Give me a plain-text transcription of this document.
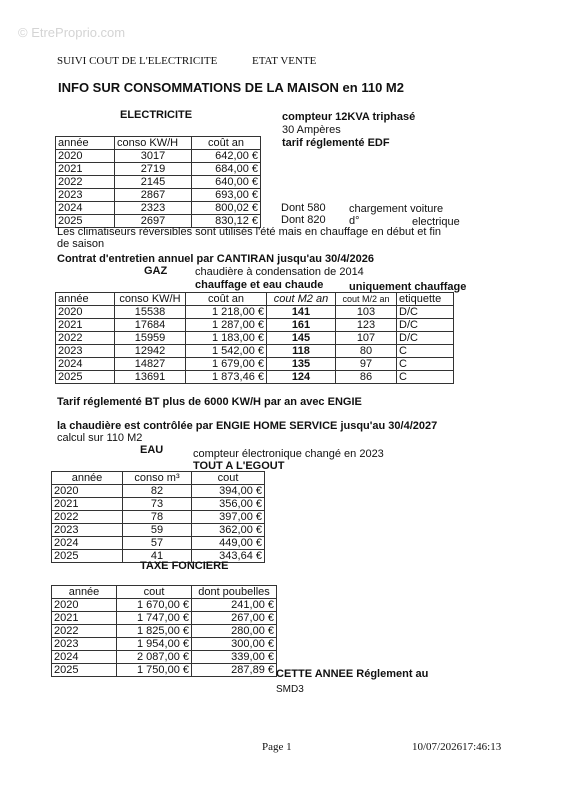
© EtreProprio.com
SUIVI COUT DE L'ELECTRICITE	ETAT VENTE
INFO SUR CONSOMMATIONS DE LA MAISON en 110 M2
ELECTRICITE	compteur 12KVA triphasé
30 Ampères
tarif réglementé EDF
année	conso KW/H	coût an
2020	3017	642,00 €
2021	2719	684,00 €
2022	2145	640,00 €
2023	2867	693,00 €
2024	2323	800,02 €
2025	2697	830,12 €
Dont 580
Dont 820
chargement voiture
d°	electrique
Les climatiseurs réversibles sont utilisés l'été mais en chauffage en début et fin
de saison
Contrat d'entretien annuel par CANTIRAN jusqu'au 30/4/2026
GAZ	chaudière à condensation de 2014
chauffage et eau chaude uniquement chauffage
année	conso KW/H	coût an	cout M2 an	cout M/2 an	etiquette
2020	15538	1 218,00 €	141	103	D/C
2021	17684	1 287,00 €	161	123	D/C
2022	15959	1 183,00 €	145	107	D/C
2023	12942	1 542,00 €	118	80	C
2024	14827	1 679,00 €	135	97	C
2025	13691	1 873,46 €	124	86	C
Tarif réglementé BT plus de 6000 KW/H par an avec ENGIE
la chaudière est contrôlée par ENGIE HOME SERVICE jusqu'au 30/4/2027
calcul sur 110 M2
EAU	compteur électronique changé en 2023
TOUT A L'EGOUT
année	conso m³	cout
2020	82	394,00 €
2021	73	356,00 €
2022	78	397,00 €
2023	59	362,00 €
2024	57	449,00 €
2025	41	343,64 €
TAXE FONCIERE
année	cout	dont poubelles
2020	1 670,00 €	241,00 €
2021	1 747,00 €	267,00 €
2022	1 825,00 €	280,00 €
2023	1 954,00 €	300,00 €
2024	2 087,00 €	339,00 €
2025	1 750,00 €	287,89 € CETTE ANNEE Réglement au
SMD3
Page 1	10/07/202617:46:13
